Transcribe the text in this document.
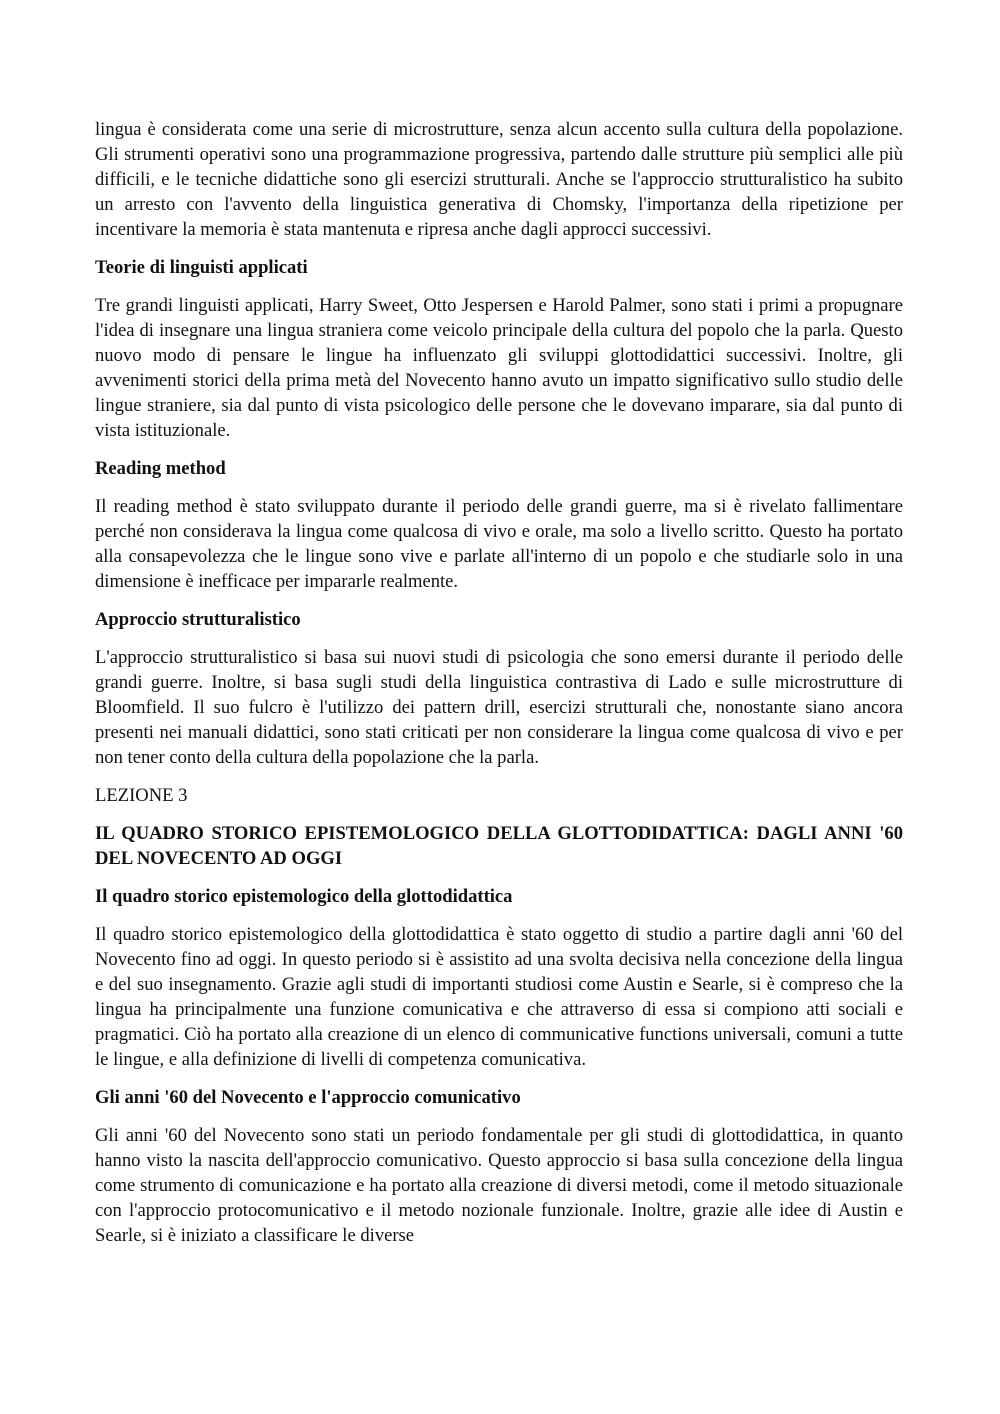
lingua è considerata come una serie di microstrutture, senza alcun accento sulla cultura della popolazione. Gli strumenti operativi sono una programmazione progressiva, partendo dalle strutture più semplici alle più difficili, e le tecniche didattiche sono gli esercizi strutturali. Anche se l'approccio strutturalistico ha subito un arresto con l'avvento della linguistica generativa di Chomsky, l'importanza della ripetizione per incentivare la memoria è stata mantenuta e ripresa anche dagli approcci successivi.

Teorie di linguisti applicati

Tre grandi linguisti applicati, Harry Sweet, Otto Jespersen e Harold Palmer, sono stati i primi a propugnare l'idea di insegnare una lingua straniera come veicolo principale della cultura del popolo che la parla. Questo nuovo modo di pensare le lingue ha influenzato gli sviluppi glottodidattici successivi. Inoltre, gli avvenimenti storici della prima metà del Novecento hanno avuto un impatto significativo sullo studio delle lingue straniere, sia dal punto di vista psicologico delle persone che le dovevano imparare, sia dal punto di vista istituzionale.

Reading method

Il reading method è stato sviluppato durante il periodo delle grandi guerre, ma si è rivelato fallimentare perché non considerava la lingua come qualcosa di vivo e orale, ma solo a livello scritto. Questo ha portato alla consapevolezza che le lingue sono vive e parlate all'interno di un popolo e che studiarle solo in una dimensione è inefficace per impararle realmente.

Approccio strutturalistico

L'approccio strutturalistico si basa sui nuovi studi di psicologia che sono emersi durante il periodo delle grandi guerre. Inoltre, si basa sugli studi della linguistica contrastiva di Lado e sulle microstrutture di Bloomfield. Il suo fulcro è l'utilizzo dei pattern drill, esercizi strutturali che, nonostante siano ancora presenti nei manuali didattici, sono stati criticati per non considerare la lingua come qualcosa di vivo e per non tener conto della cultura della popolazione che la parla.

LEZIONE 3
IL QUADRO STORICO EPISTEMOLOGICO DELLA GLOTTODIDATTICA: DAGLI ANNI '60 DEL NOVECENTO AD OGGI
Il quadro storico epistemologico della glottodidattica

Il quadro storico epistemologico della glottodidattica è stato oggetto di studio a partire dagli anni '60 del Novecento fino ad oggi. In questo periodo si è assistito ad una svolta decisiva nella concezione della lingua e del suo insegnamento. Grazie agli studi di importanti studiosi come Austin e Searle, si è compreso che la lingua ha principalmente una funzione comunicativa e che attraverso di essa si compiono atti sociali e pragmatici. Ciò ha portato alla creazione di un elenco di communicative functions universali, comuni a tutte le lingue, e alla definizione di livelli di competenza comunicativa.

Gli anni '60 del Novecento e l'approccio comunicativo

Gli anni '60 del Novecento sono stati un periodo fondamentale per gli studi di glottodidattica, in quanto hanno visto la nascita dell'approccio comunicativo. Questo approccio si basa sulla concezione della lingua come strumento di comunicazione e ha portato alla creazione di diversi metodi, come il metodo situazionale con l'approccio protocomunicativo e il metodo nozionale funzionale. Inoltre, grazie alle idee di Austin e Searle, si è iniziato a classificare le diverse
